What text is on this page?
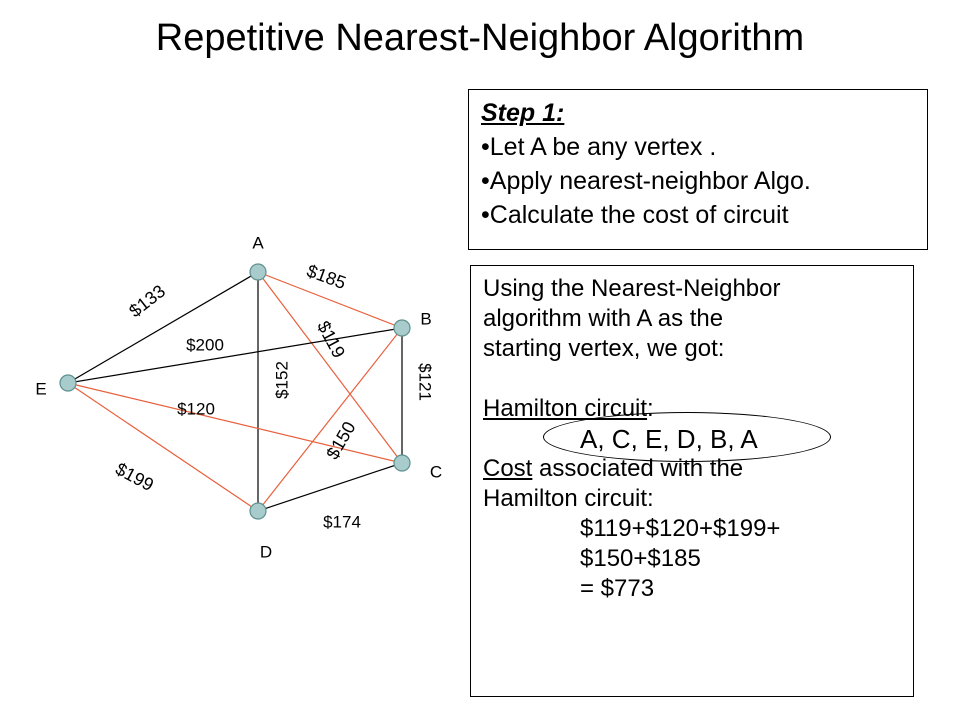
Repetitive Nearest-Neighbor Algorithm
A
B
C
D
E
$185
$119
$152
$133
$121
$150
$200
$174
$120
$199
Step 1:
• Let A be any vertex .
• Apply nearest-neighbor Algo.
• Calculate the cost of circuit
Using the Nearest-Neighbor
algorithm with A as the
starting vertex, we got:
Hamilton circuit:
A, C, E, D, B, A
Cost associated with the
Hamilton circuit:
$119+$120+$199+
$150+$185
= $773
